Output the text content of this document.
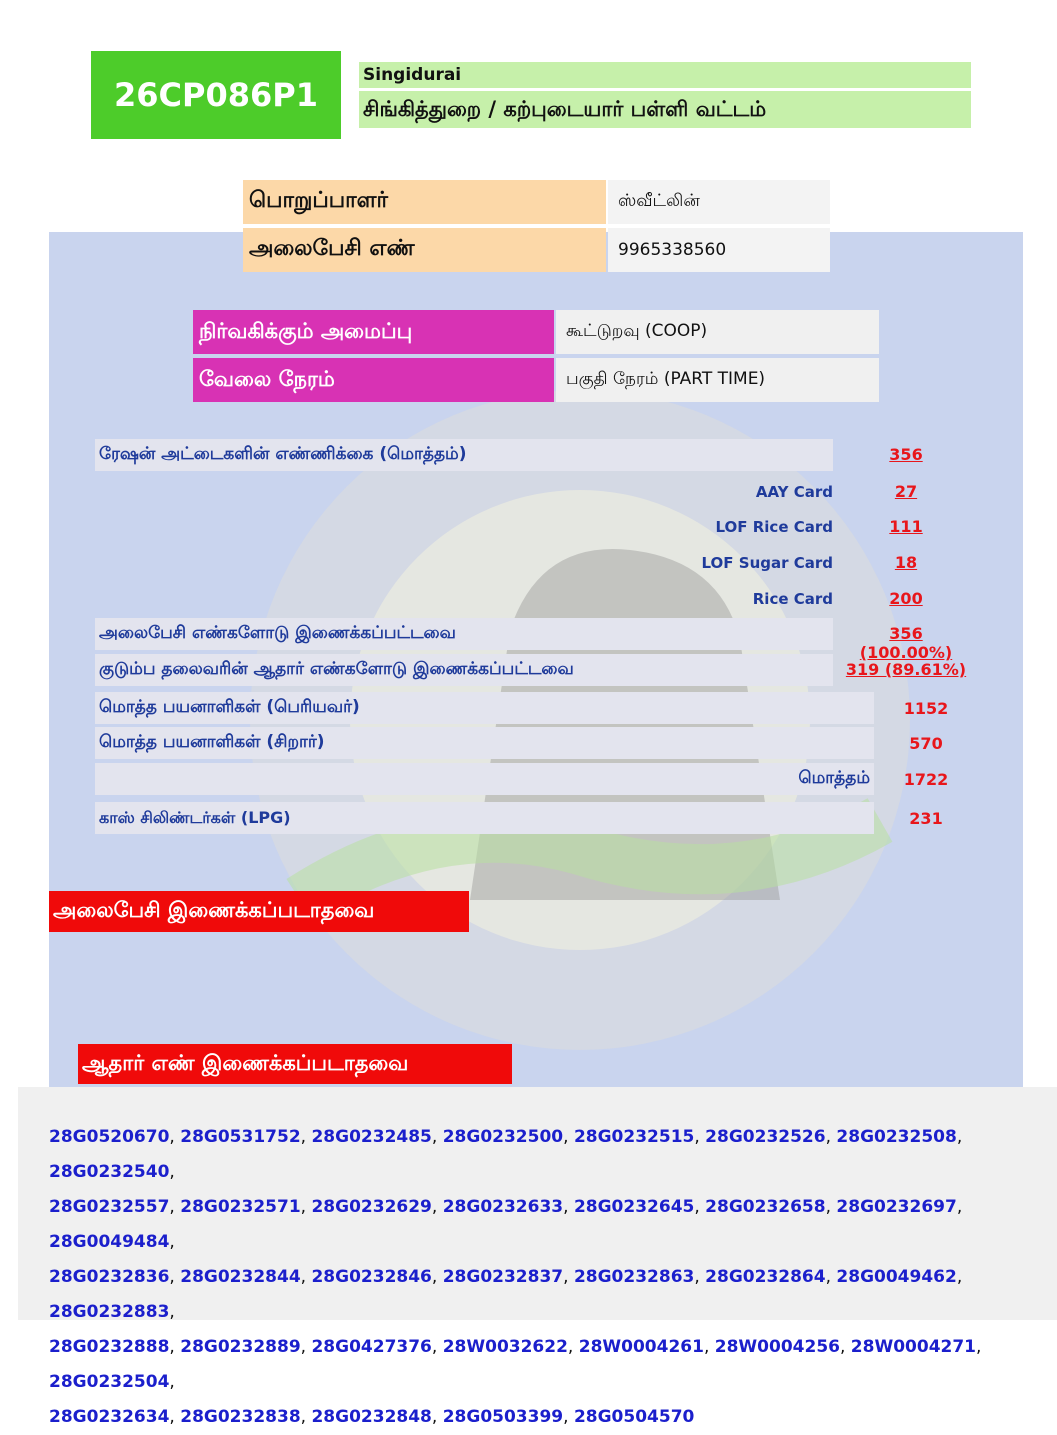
26CP086P1
Singidurai
சிங்கித்துறை / கற்புடையார் பள்ளி வட்டம்
பொறுப்பாளர்	ஸ்வீட்லின்
அலைபேசி எண்	9965338560
நிர்வகிக்கும் அமைப்பு	கூட்டுறவு (COOP)
வேலை நேரம்	பகுதி நேரம் (PART TIME)
ரேஷன் அட்டைகளின் எண்ணிக்கை (மொத்தம்)	356
AAY Card	27
LOF Rice Card	111
LOF Sugar Card	18
Rice Card	200
அலைபேசி எண்களோடு இணைக்கப்பட்டவை	356 (100.00%)
குடும்ப தலைவரின் ஆதார் எண்களோடு இணைக்கப்பட்டவை	319 (89.61%)
மொத்த பயனாளிகள் (பெரியவர்)	1152
மொத்த பயனாளிகள் (சிறார்)	570
மொத்தம்	1722
காஸ் சிலிண்டர்கள் (LPG)	231
அலைபேசி இணைக்கப்படாதவை
ஆதார் எண் இணைக்கப்படாதவை
28G0520670, 28G0531752, 28G0232485, 28G0232500, 28G0232515, 28G0232526, 28G0232508, 28G0232540,
28G0232557, 28G0232571, 28G0232629, 28G0232633, 28G0232645, 28G0232658, 28G0232697, 28G0049484,
28G0232836, 28G0232844, 28G0232846, 28G0232837, 28G0232863, 28G0232864, 28G0049462, 28G0232883,
28G0232888, 28G0232889, 28G0427376, 28W0032622, 28W0004261, 28W0004256, 28W0004271, 28G0232504,
28G0232634, 28G0232838, 28G0232848, 28G0503399, 28G0504570
